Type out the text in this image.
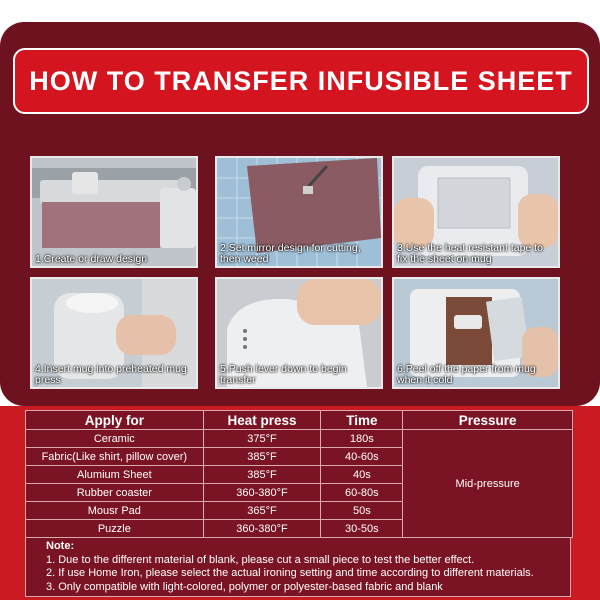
HOW TO TRANSFER INFUSIBLE SHEET
1.Create or draw design
2.Set mirror design for cutting, then weed
3.Use the heat resistant tape to fix the sheet on mug
4.Insert mug into preheated mug press
5.Push lever down to begin transfer
6.Peel off the paper from mug when it cold
Apply for	Heat press	Time	Pressure
Ceramic	375°F	180s	Mid-pressure
Fabric(Like shirt, pillow cover)	385°F	40-60s	
Alumium Sheet	385°F	40s	
Rubber coaster	360-380°F	60-80s	
Mousr Pad	365°F	50s	
Puzzle	360-380°F	30-50s	
Note:
1. Due to the different material of blank, please cut a small piece to test the better effect.
2. If use Home Iron, please select the actual ironing setting and time according to different materials.
3. Only compatible with light-colored, polymer or polyester-based fabric and blank
